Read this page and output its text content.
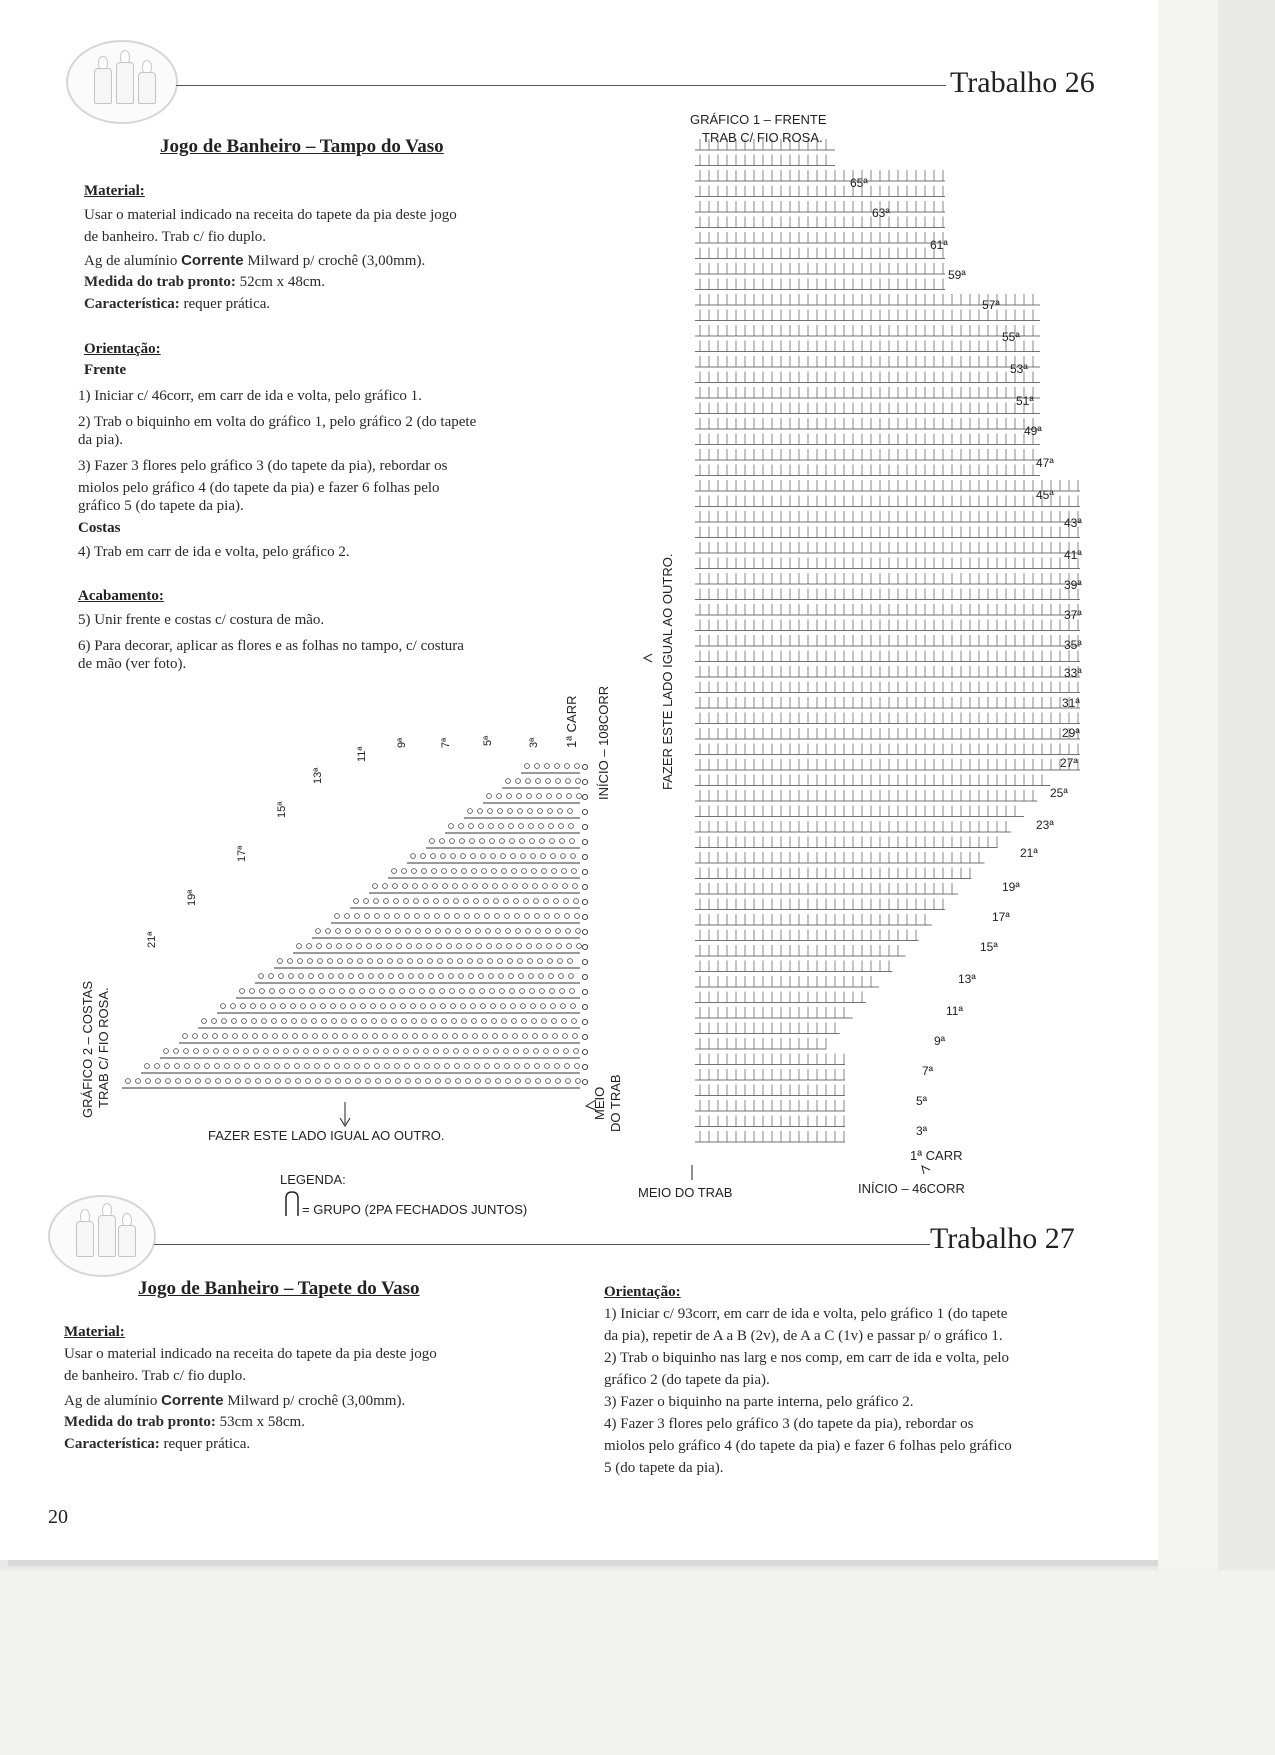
Trabalho 26
Jogo de Banheiro – Tampo do Vaso
Material:
Usar o material indicado na receita do tapete da pia deste jogo
de banheiro. Trab c/ fio duplo.
Ag de alumínio Corrente Milward p/ crochê (3,00mm).
Medida do trab pronto: 52cm x 48cm.
Característica: requer prática.
Orientação:
Frente
1) Iniciar c/ 46corr, em carr de ida e volta, pelo gráfico 1.
2) Trab o biquinho em volta do gráfico 1, pelo gráfico 2 (do tapete
da pia).
3) Fazer 3 flores pelo gráfico 3 (do tapete da pia), rebordar os
miolos pelo gráfico 4 (do tapete da pia) e fazer 6 folhas pelo
gráfico 5 (do tapete da pia).
Costas
4) Trab em carr de ida e volta, pelo gráfico 2.
Acabamento:
5) Unir frente e costas c/ costura de mão.
6) Para decorar, aplicar as flores e as folhas no tampo, c/ costura
de mão (ver foto).
GRÁFICO 2 – COSTAS TRAB C/ FIO ROSA.
1ª CARR INÍCIO – 108CORR
MEIO DO TRAB
FAZER ESTE LADO IGUAL AO OUTRO.
3ª
5ª
7ª
9ª
11ª
13ª
15ª
17ª
19ª
21ª
GRÁFICO 1 – FRENTE
TRAB C/ FIO ROSA.
FAZER ESTE LADO IGUAL AO OUTRO.
1ª CARR
MEIO DO TRAB	INÍCIO – 46CORR
3ª
5ª
7ª
9ª
11ª
13ª
15ª
17ª
19ª
21ª
23ª
25ª
27ª
29ª
31ª
33ª
35ª
37ª
39ª
41ª
43ª
45ª
47ª
49ª
51ª
53ª
55ª
57ª
59ª
61ª
63ª
65ª
LEGENDA:
= GRUPO (2PA FECHADOS JUNTOS)
Trabalho 27
Jogo de Banheiro – Tapete do Vaso
Material:
Usar o material indicado na receita do tapete da pia deste jogo
de banheiro. Trab c/ fio duplo.
Ag de alumínio Corrente Milward p/ crochê (3,00mm).
Medida do trab pronto: 53cm x 58cm.
Característica: requer prática.
Orientação:
1) Iniciar c/ 93corr, em carr de ida e volta, pelo gráfico 1 (do tapete
da pia), repetir de A a B (2v), de A a C (1v) e passar p/ o gráfico 1.
2) Trab o biquinho nas larg e nos comp, em carr de ida e volta, pelo
gráfico 2 (do tapete da pia).
3) Fazer o biquinho na parte interna, pelo gráfico 2.
4) Fazer 3 flores pelo gráfico 3 (do tapete da pia), rebordar os
miolos pelo gráfico 4 (do tapete da pia) e fazer 6 folhas pelo gráfico
5 (do tapete da pia).
20
